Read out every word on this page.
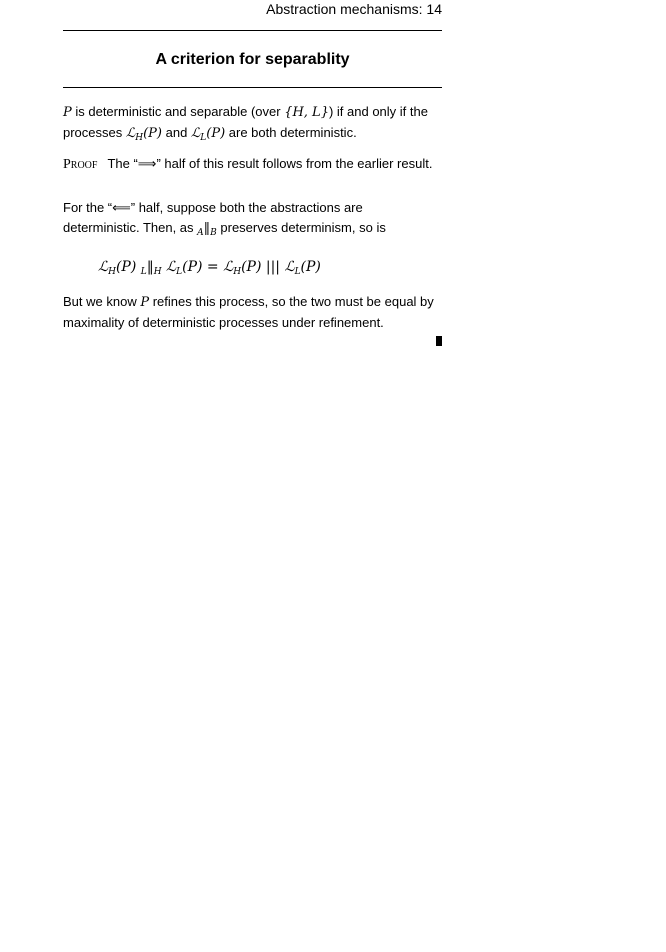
Abstraction mechanisms: 14
A criterion for separablity

P is deterministic and separable (over {H, L}) if and only if the processes ℒ$_H$(P) and ℒ$_L$(P) are both deterministic.

Proof The “⟹” half of this result follows from the earlier result.

For the “⟸” half, suppose both the abstractions are deterministic. Then, as $_A‖_B$ preserves determinism, so is

ℒ$_H$(P) $_L‖_H$ ℒ$_L$(P) = ℒ$_H$(P) ||| ℒ$_L$(P)

But we know P refines this process, so the two must be equal by maximality of deterministic processes under refinement.
